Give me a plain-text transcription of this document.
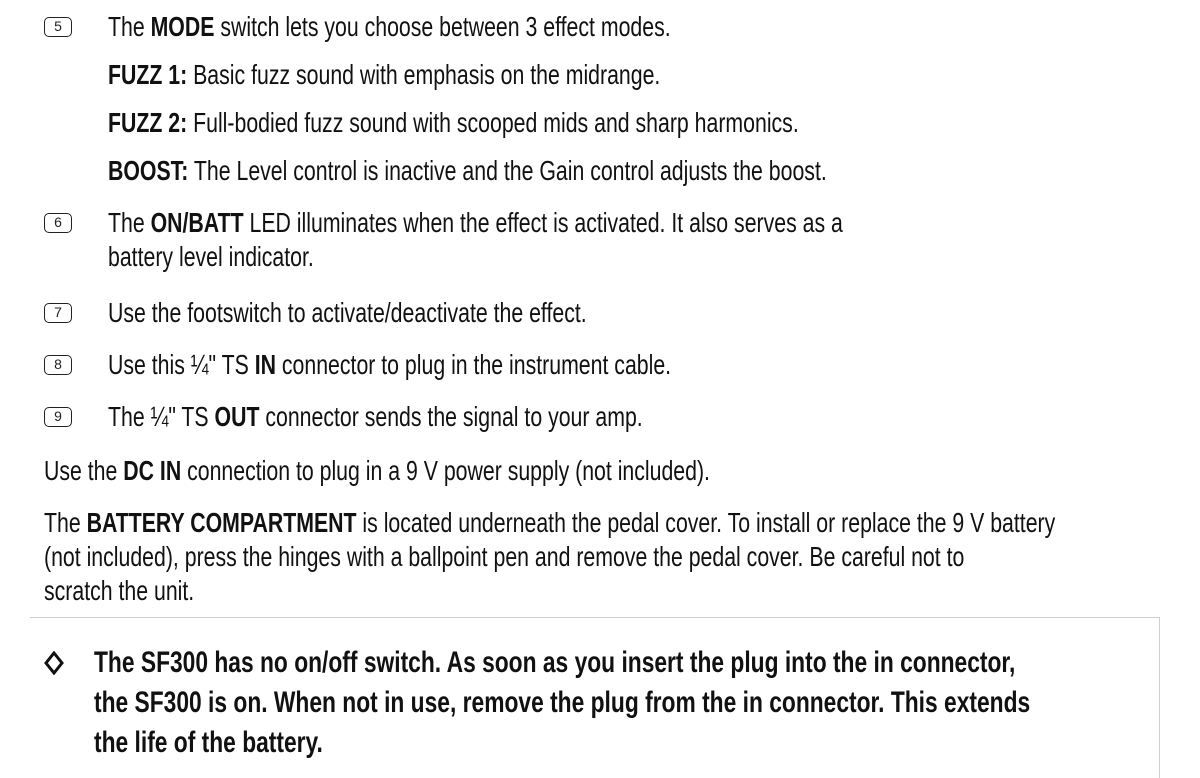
5	The MODE switch lets you choose between 3 effect modes.
FUZZ 1: Basic fuzz sound with emphasis on the midrange.
FUZZ 2: Full-bodied fuzz sound with scooped mids and sharp harmonics.
BOOST: The Level control is inactive and the Gain control adjusts the boost.
6	The ON/BATT LED illuminates when the effect is activated. It also serves as a
battery level indicator.
7	Use the footswitch to activate/deactivate the effect.
8	Use this ¼" TS IN connector to plug in the instrument cable.
9	The ¼" TS OUT connector sends the signal to your amp.
Use the DC IN connection to plug in a 9 V power supply (not included).
The BATTERY COMPARTMENT is located underneath the pedal cover. To install or replace the 9 V battery
(not included), press the hinges with a ballpoint pen and remove the pedal cover. Be careful not to
scratch the unit.
The SF300 has no on/off switch. As soon as you insert the plug into the in connector,
the SF300 is on. When not in use, remove the plug from the in connector. This extends
the life of the battery.
